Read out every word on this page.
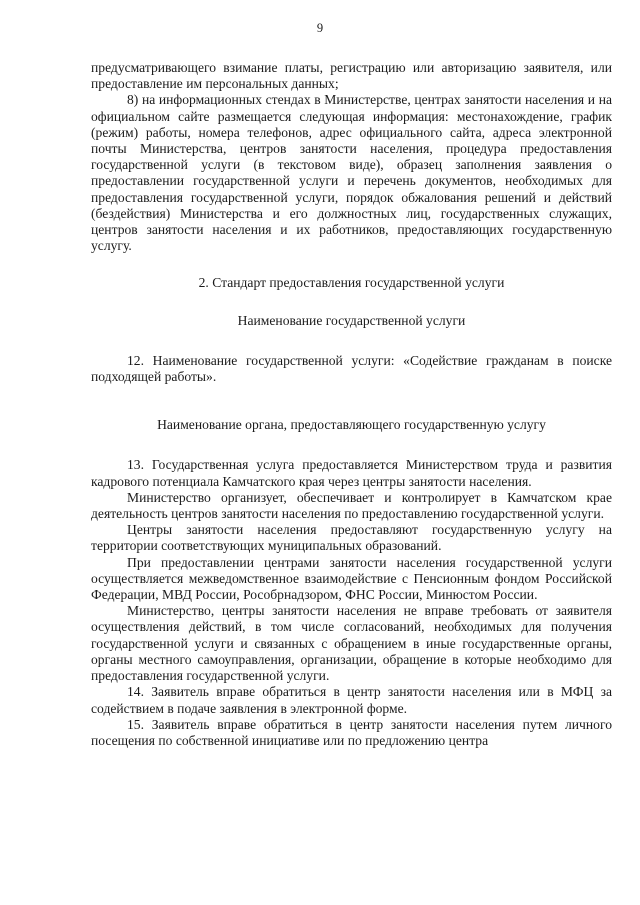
9

предусматривающего взимание платы, регистрацию или авторизацию заявителя, или предоставление им персональных данных;

8) на информационных стендах в Министерстве, центрах занятости населения и на официальном сайте размещается следующая информация: местонахождение, график (режим) работы, номера телефонов, адрес официального сайта, адреса электронной почты Министерства, центров занятости населения, процедура предоставления государственной услуги (в текстовом виде), образец заполнения заявления о предоставлении государственной услуги и перечень документов, необходимых для предоставления государственной услуги, порядок обжалования решений и действий (бездействия) Министерства и его должностных лиц, государственных служащих, центров занятости населения и их работников, предоставляющих государственную услугу.

2. Стандарт предоставления государственной услуги

Наименование государственной услуги

12. Наименование государственной услуги: «Содействие гражданам в поиске подходящей работы».

Наименование органа, предоставляющего государственную услугу

13. Государственная услуга предоставляется Министерством труда и развития кадрового потенциала Камчатского края через центры занятости населения.

Министерство организует, обеспечивает и контролирует в Камчатском крае деятельность центров занятости населения по предоставлению государственной услуги.

Центры занятости населения предоставляют государственную услугу на территории соответствующих муниципальных образований.

При предоставлении центрами занятости населения государственной услуги осуществляется межведомственное взаимодействие с Пенсионным фондом Российской Федерации, МВД России, Рособрнадзором, ФНС России, Минюстом России.

Министерство, центры занятости населения не вправе требовать от заявителя осуществления действий, в том числе согласований, необходимых для получения государственной услуги и связанных с обращением в иные государственные органы, органы местного самоуправления, организации, обращение в которые необходимо для предоставления государственной услуги.

14. Заявитель вправе обратиться в центр занятости населения или в МФЦ за содействием в подаче заявления в электронной форме.

15. Заявитель вправе обратиться в центр занятости населения путем личного посещения по собственной инициативе или по предложению центра
